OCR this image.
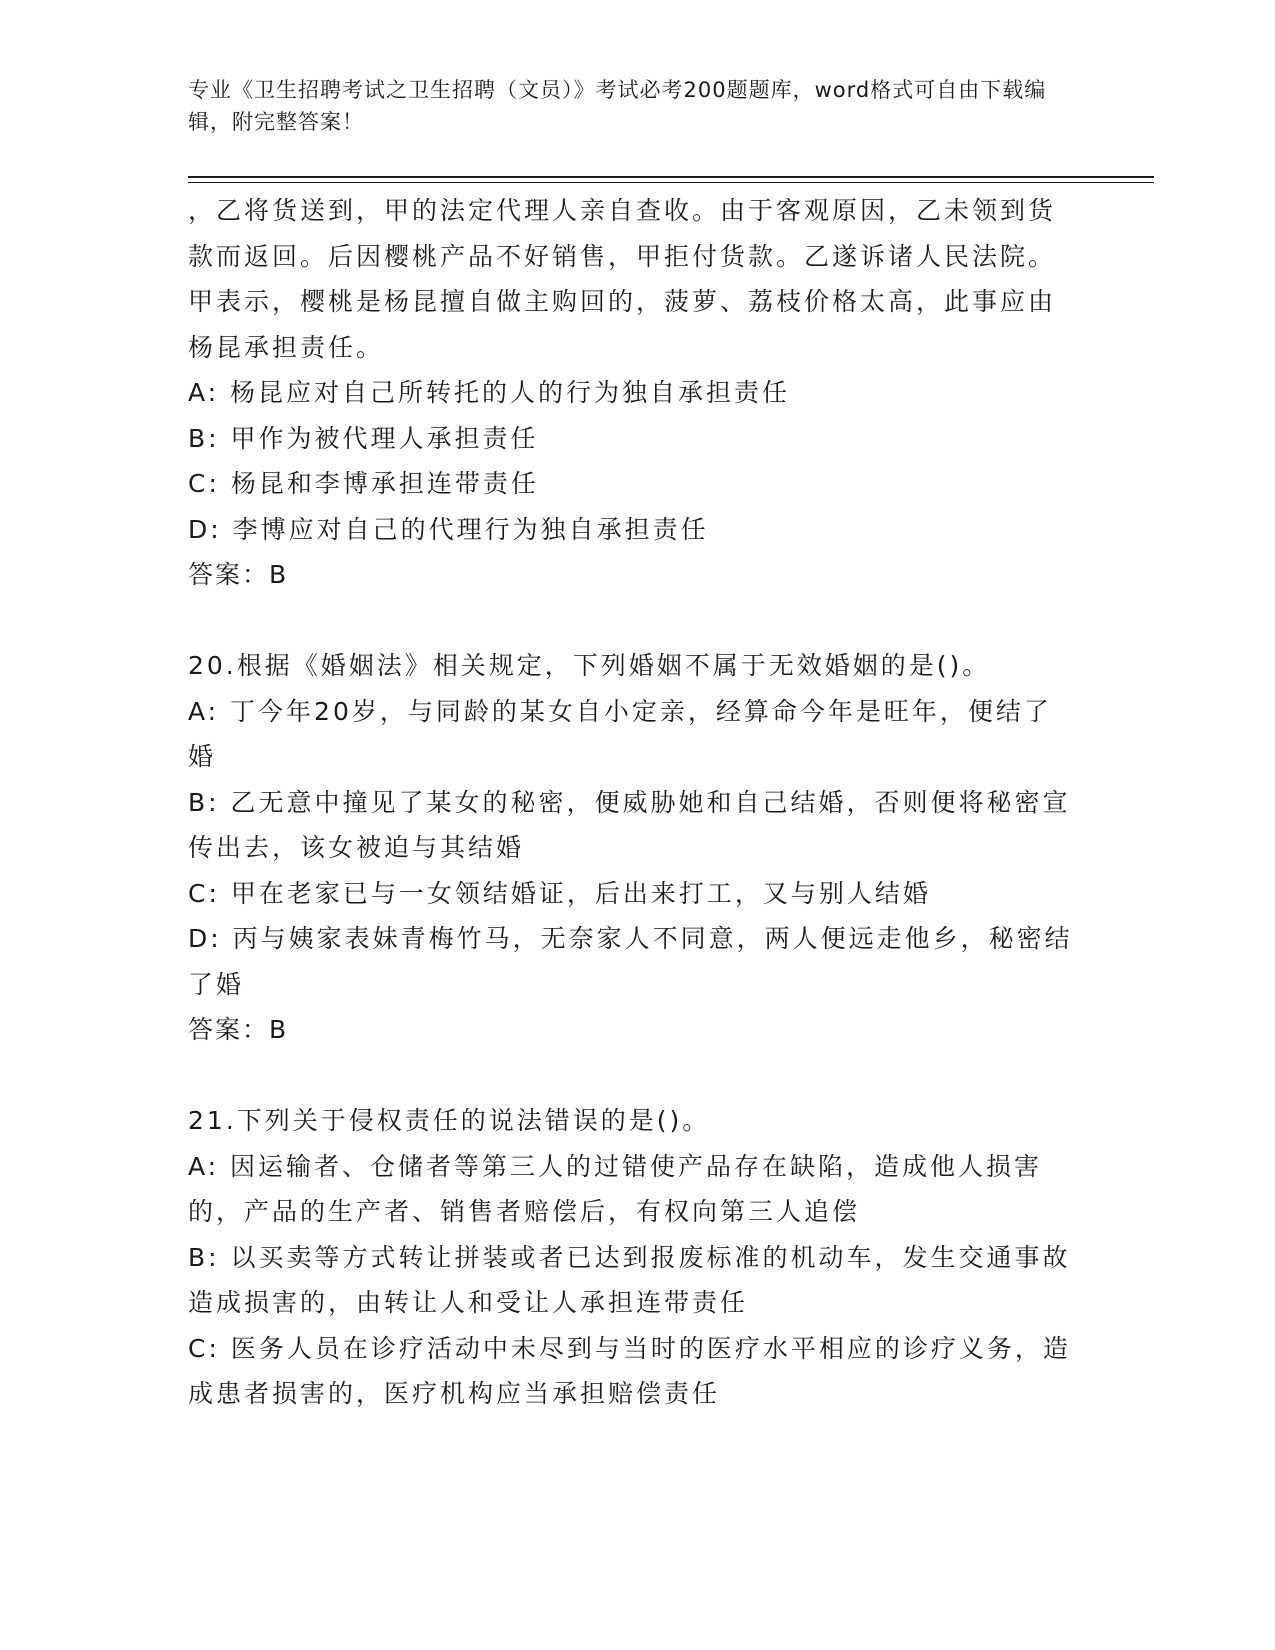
专业《卫生招聘考试之卫生招聘（文员）》考试必考200题题库，word格式可自由下载编辑，附完整答案！

，乙将货送到，甲的法定代理人亲自查收。由于客观原因，乙未领到货款而返回。后因樱桃产品不好销售，甲拒付货款。乙遂诉诸人民法院。甲表示，樱桃是杨昆擅自做主购回的，菠萝、荔枝价格太高，此事应由杨昆承担责任。

A: 杨昆应对自己所转托的人的行为独自承担责任

B: 甲作为被代理人承担责任

C: 杨昆和李博承担连带责任

D: 李博应对自己的代理行为独自承担责任

答案：B

20.根据《婚姻法》相关规定，下列婚姻不属于无效婚姻的是()。

A: 丁今年20岁，与同龄的某女自小定亲，经算命今年是旺年，便结了婚

B: 乙无意中撞见了某女的秘密，便威胁她和自己结婚，否则便将秘密宣传出去，该女被迫与其结婚

C: 甲在老家已与一女领结婚证，后出来打工，又与别人结婚

D: 丙与姨家表妹青梅竹马，无奈家人不同意，两人便远走他乡，秘密结了婚

答案：B

21.下列关于侵权责任的说法错误的是()。

A: 因运输者、仓储者等第三人的过错使产品存在缺陷，造成他人损害的，产品的生产者、销售者赔偿后，有权向第三人追偿

B: 以买卖等方式转让拼装或者已达到报废标准的机动车，发生交通事故造成损害的，由转让人和受让人承担连带责任

C: 医务人员在诊疗活动中未尽到与当时的医疗水平相应的诊疗义务，造成患者损害的，医疗机构应当承担赔偿责任
